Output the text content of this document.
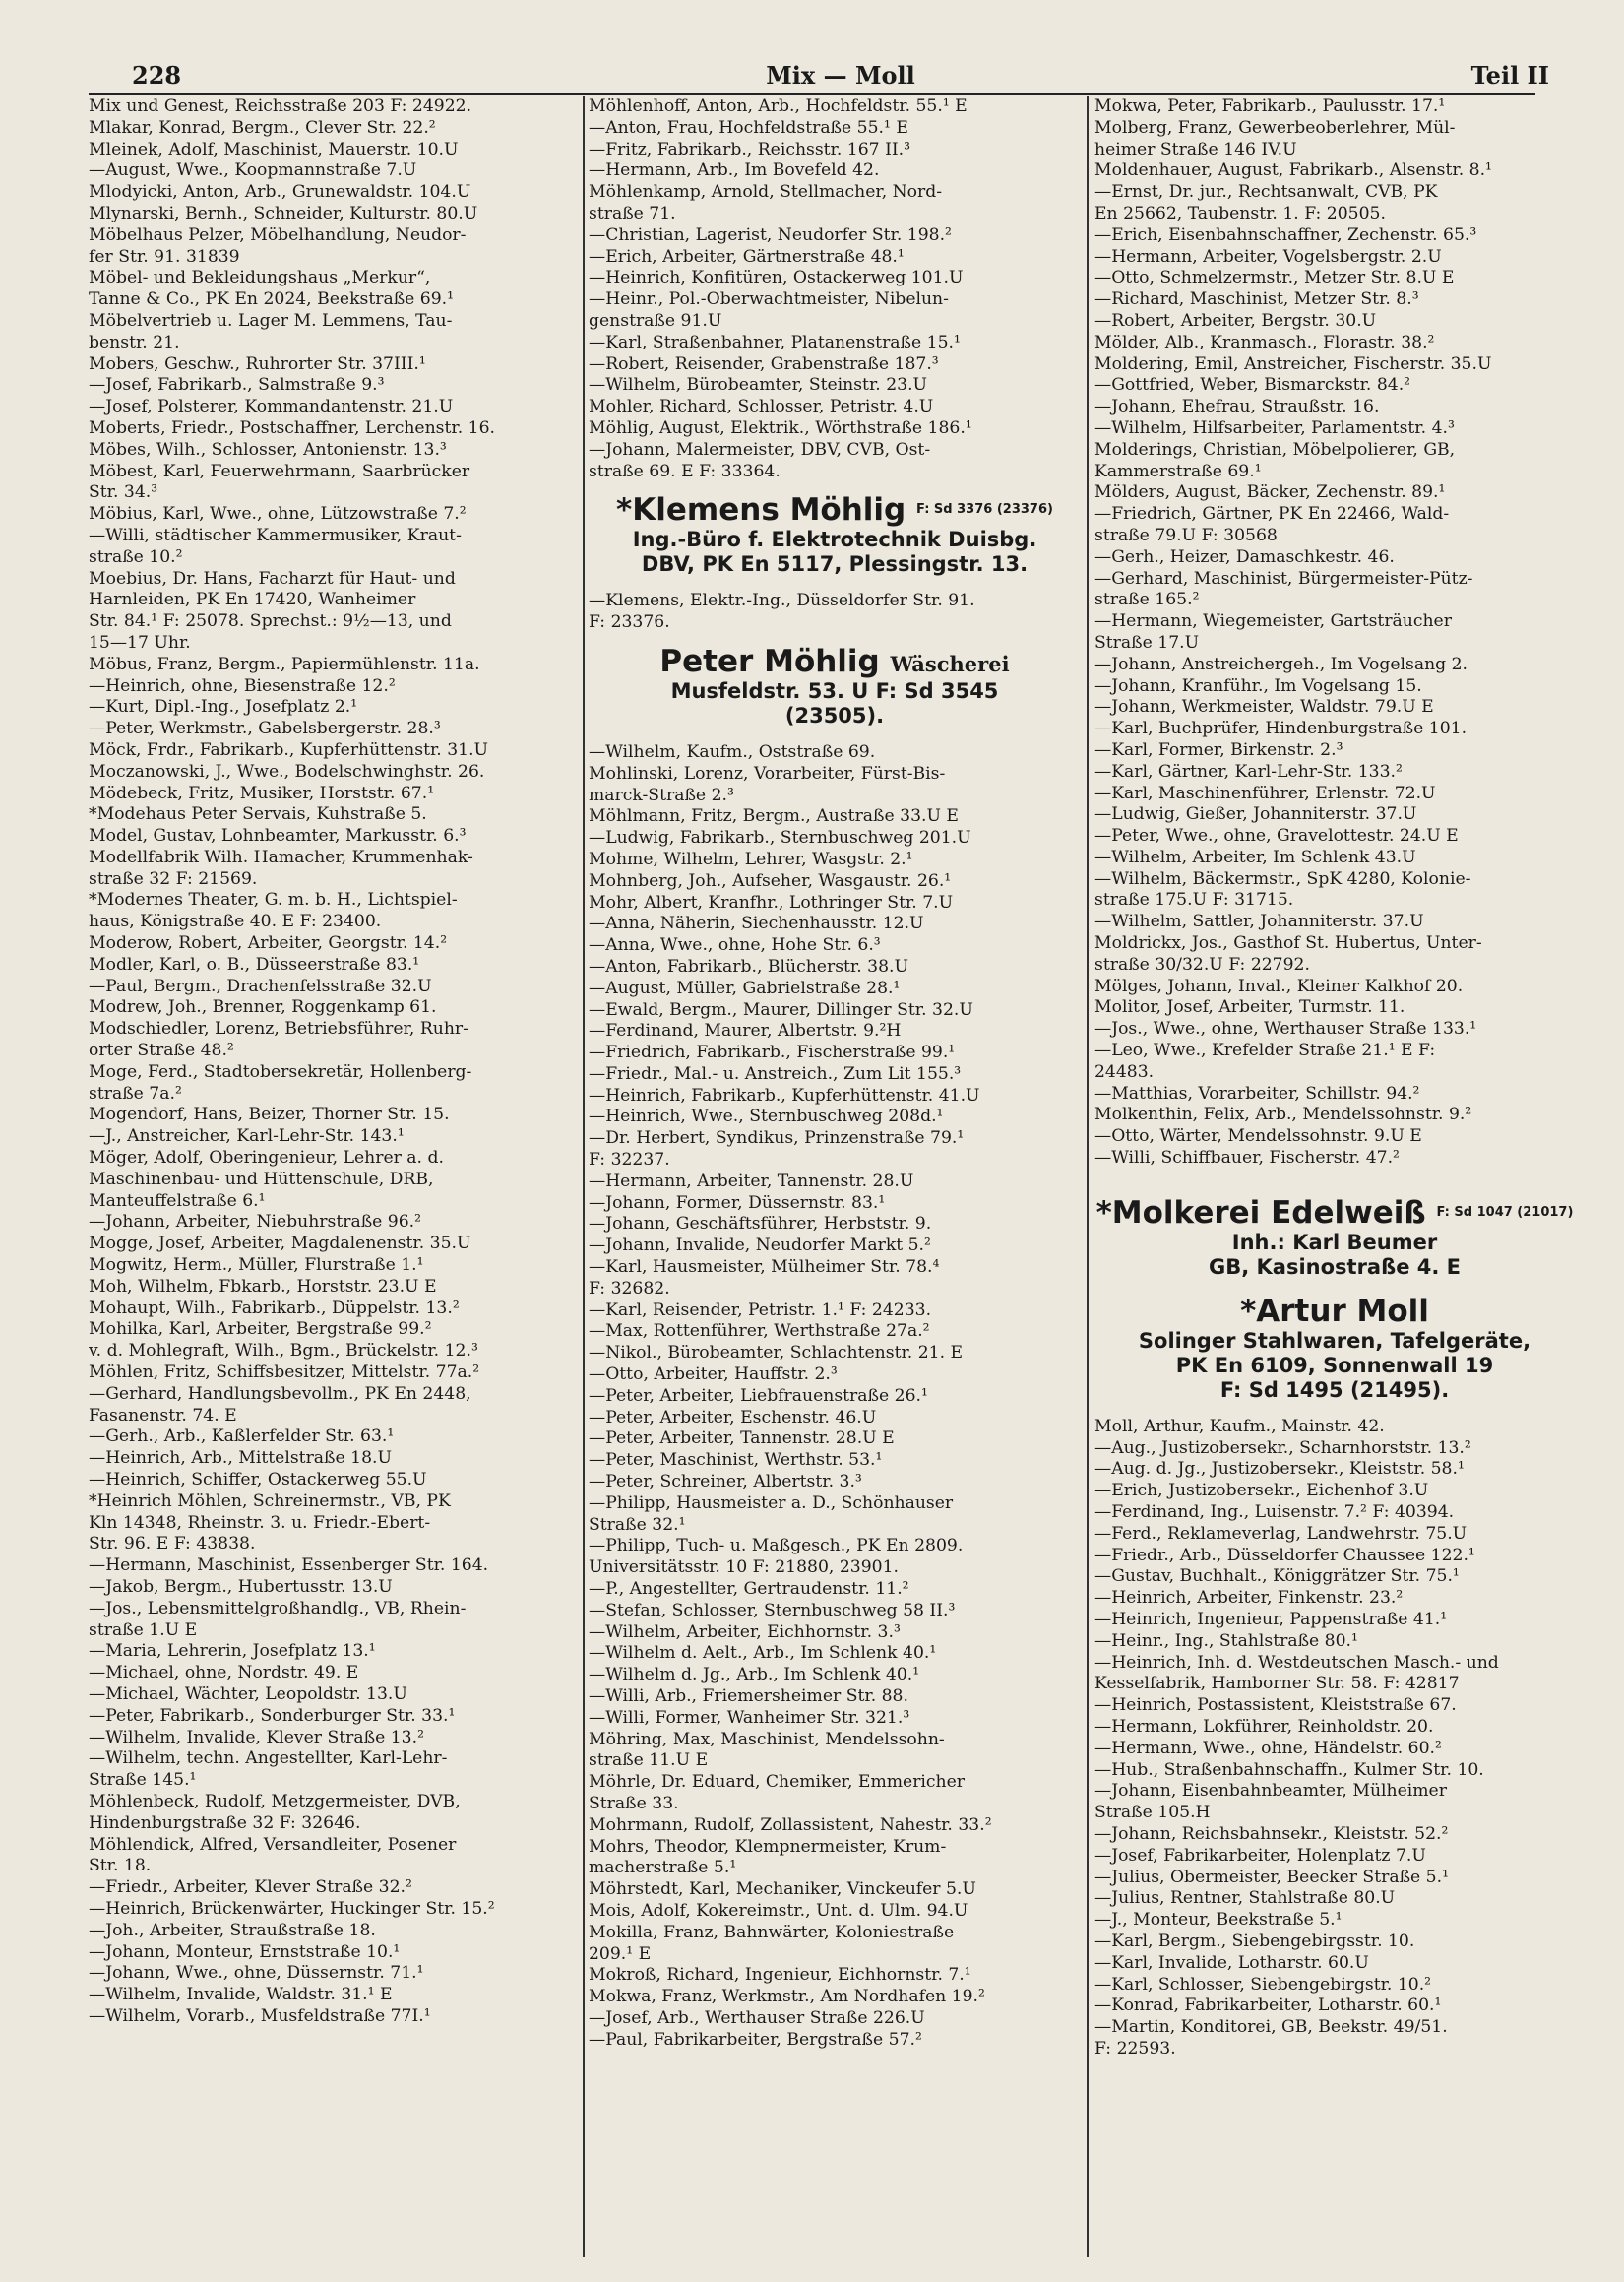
228	Mix — Moll	Teil II
Mix und Genest, Reichsstraße 203 F: 24922.
Mlakar, Konrad, Bergm., Clever Str. 22.²
Mleinek, Adolf, Maschinist, Mauerstr. 10.U
—August, Wwe., Koopmannstraße 7.U
Mlodyicki, Anton, Arb., Grunewaldstr. 104.U
Mlynarski, Bernh., Schneider, Kulturstr. 80.U
Möbelhaus Pelzer, Möbelhandlung, Neudor-
fer Str. 91. 31839
Möbel- und Bekleidungshaus „Merkur“,
Tanne & Co., PK En 2024, Beekstraße 69.¹
Möbelvertrieb u. Lager M. Lemmens, Tau-
benstr. 21.
Mobers, Geschw., Ruhrorter Str. 37III.¹
—Josef, Fabrikarb., Salmstraße 9.³
—Josef, Polsterer, Kommandantenstr. 21.U
Moberts, Friedr., Postschaffner, Lerchenstr. 16.
Möbes, Wilh., Schlosser, Antonienstr. 13.³
Möbest, Karl, Feuerwehrmann, Saarbrücker
Str. 34.³
Möbius, Karl, Wwe., ohne, Lützowstraße 7.²
—Willi, städtischer Kammermusiker, Kraut-
straße 10.²
Moebius, Dr. Hans, Facharzt für Haut- und
Harnleiden, PK En 17420, Wanheimer
Str. 84.¹ F: 25078. Sprechst.: 9½—13, und
15—17 Uhr.
Möbus, Franz, Bergm., Papiermühlenstr. 11a.
—Heinrich, ohne, Biesenstraße 12.²
—Kurt, Dipl.-Ing., Josefplatz 2.¹
—Peter, Werkmstr., Gabelsbergerstr. 28.³
Möck, Frdr., Fabrikarb., Kupferhüttenstr. 31.U
Moczanowski, J., Wwe., Bodelschwinghstr. 26.
Mödebeck, Fritz, Musiker, Horststr. 67.¹
*Modehaus Peter Servais, Kuhstraße 5.
Model, Gustav, Lohnbeamter, Markusstr. 6.³
Modellfabrik Wilh. Hamacher, Krummenhak-
straße 32 F: 21569.
*Modernes Theater, G. m. b. H., Lichtspiel-
haus, Königstraße 40. E F: 23400.
Moderow, Robert, Arbeiter, Georgstr. 14.²
Modler, Karl, o. B., Düsseerstraße 83.¹
—Paul, Bergm., Drachenfelsstraße 32.U
Modrew, Joh., Brenner, Roggenkamp 61.
Modschiedler, Lorenz, Betriebsführer, Ruhr-
orter Straße 48.²
Moge, Ferd., Stadtobersekretär, Hollenberg-
straße 7a.²
Mogendorf, Hans, Beizer, Thorner Str. 15.
—J., Anstreicher, Karl-Lehr-Str. 143.¹
Möger, Adolf, Oberingenieur, Lehrer a. d.
Maschinenbau- und Hüttenschule, DRB,
Manteuffelstraße 6.¹
—Johann, Arbeiter, Niebuhrstraße 96.²
Mogge, Josef, Arbeiter, Magdalenenstr. 35.U
Mogwitz, Herm., Müller, Flurstraße 1.¹
Moh, Wilhelm, Fbkarb., Horststr. 23.U E
Mohaupt, Wilh., Fabrikarb., Düppelstr. 13.²
Mohilka, Karl, Arbeiter, Bergstraße 99.²
v. d. Mohlegraft, Wilh., Bgm., Brückelstr. 12.³
Möhlen, Fritz, Schiffsbesitzer, Mittelstr. 77a.²
—Gerhard, Handlungsbevollm., PK En 2448,
Fasanenstr. 74. E
—Gerh., Arb., Kaßlerfelder Str. 63.¹
—Heinrich, Arb., Mittelstraße 18.U
—Heinrich, Schiffer, Ostackerweg 55.U
*Heinrich Möhlen, Schreinermstr., VB, PK
Kln 14348, Rheinstr. 3. u. Friedr.-Ebert-
Str. 96. E F: 43838.
—Hermann, Maschinist, Essenberger Str. 164.
—Jakob, Bergm., Hubertusstr. 13.U
—Jos., Lebensmittelgroßhandlg., VB, Rhein-
straße 1.U E
—Maria, Lehrerin, Josefplatz 13.¹
—Michael, ohne, Nordstr. 49. E
—Michael, Wächter, Leopoldstr. 13.U
—Peter, Fabrikarb., Sonderburger Str. 33.¹
—Wilhelm, Invalide, Klever Straße 13.²
—Wilhelm, techn. Angestellter, Karl-Lehr-
Straße 145.¹
Möhlenbeck, Rudolf, Metzgermeister, DVB,
Hindenburgstraße 32 F: 32646.
Möhlendick, Alfred, Versandleiter, Posener
Str. 18.
—Friedr., Arbeiter, Klever Straße 32.²
—Heinrich, Brückenwärter, Huckinger Str. 15.²
—Joh., Arbeiter, Straußstraße 18.
—Johann, Monteur, Ernststraße 10.¹
—Johann, Wwe., ohne, Düssernstr. 71.¹
—Wilhelm, Invalide, Waldstr. 31.¹ E
—Wilhelm, Vorarb., Musfeldstraße 77I.¹
Möhlenhoff, Anton, Arb., Hochfeldstr. 55.¹ E
—Anton, Frau, Hochfeldstraße 55.¹ E
—Fritz, Fabrikarb., Reichsstr. 167 II.³
—Hermann, Arb., Im Bovefeld 42.
Möhlenkamp, Arnold, Stellmacher, Nord-
straße 71.
—Christian, Lagerist, Neudorfer Str. 198.²
—Erich, Arbeiter, Gärtnerstraße 48.¹
—Heinrich, Konfitüren, Ostackerweg 101.U
—Heinr., Pol.-Oberwachtmeister, Nibelun-
genstraße 91.U
—Karl, Straßenbahner, Platanenstraße 15.¹
—Robert, Reisender, Grabenstraße 187.³
—Wilhelm, Bürobeamter, Steinstr. 23.U
Mohler, Richard, Schlosser, Petristr. 4.U
Möhlig, August, Elektrik., Wörthstraße 186.¹
—Johann, Malermeister, DBV, CVB, Ost-
straße 69. E F: 33364.
*Klemens Möhlig $^{F: Sd 3376 (23376)}$
Ing.-Büro f. Elektrotechnik Duisbg.
DBV, PK En 5117, Plessingstr. 13.
—Klemens, Elektr.-Ing., Düsseldorfer Str. 91.
F: 23376.
Peter Möhlig Wäscherei
Musfeldstr. 53. U F: Sd 3545
(23505).
—Wilhelm, Kaufm., Oststraße 69.
Mohlinski, Lorenz, Vorarbeiter, Fürst-Bis-
marck-Straße 2.³
Möhlmann, Fritz, Bergm., Austraße 33.U E
—Ludwig, Fabrikarb., Sternbuschweg 201.U
Mohme, Wilhelm, Lehrer, Wasgstr. 2.¹
Mohnberg, Joh., Aufseher, Wasgaustr. 26.¹
Mohr, Albert, Kranfhr., Lothringer Str. 7.U
—Anna, Näherin, Siechenhausstr. 12.U
—Anna, Wwe., ohne, Hohe Str. 6.³
—Anton, Fabrikarb., Blücherstr. 38.U
—August, Müller, Gabrielstraße 28.¹
—Ewald, Bergm., Maurer, Dillinger Str. 32.U
—Ferdinand, Maurer, Albertstr. 9.²H
—Friedrich, Fabrikarb., Fischerstraße 99.¹
—Friedr., Mal.- u. Anstreich., Zum Lit 155.³
—Heinrich, Fabrikarb., Kupferhüttenstr. 41.U
—Heinrich, Wwe., Sternbuschweg 208d.¹
—Dr. Herbert, Syndikus, Prinzenstraße 79.¹
F: 32237.
—Hermann, Arbeiter, Tannenstr. 28.U
—Johann, Former, Düssernstr. 83.¹
—Johann, Geschäftsführer, Herbststr. 9.
—Johann, Invalide, Neudorfer Markt 5.²
—Karl, Hausmeister, Mülheimer Str. 78.⁴
F: 32682.
—Karl, Reisender, Petristr. 1.¹ F: 24233.
—Max, Rottenführer, Werthstraße 27a.²
—Nikol., Bürobeamter, Schlachtenstr. 21. E
—Otto, Arbeiter, Hauffstr. 2.³
—Peter, Arbeiter, Liebfrauenstraße 26.¹
—Peter, Arbeiter, Eschenstr. 46.U
—Peter, Arbeiter, Tannenstr. 28.U E
—Peter, Maschinist, Werthstr. 53.¹
—Peter, Schreiner, Albertstr. 3.³
—Philipp, Hausmeister a. D., Schönhauser
Straße 32.¹
—Philipp, Tuch- u. Maßgesch., PK En 2809.
Universitätsstr. 10 F: 21880, 23901.
—P., Angestellter, Gertraudenstr. 11.²
—Stefan, Schlosser, Sternbuschweg 58 II.³
—Wilhelm, Arbeiter, Eichhornstr. 3.³
—Wilhelm d. Aelt., Arb., Im Schlenk 40.¹
—Wilhelm d. Jg., Arb., Im Schlenk 40.¹
—Willi, Arb., Friemersheimer Str. 88.
—Willi, Former, Wanheimer Str. 321.³
Möhring, Max, Maschinist, Mendelssohn-
straße 11.U E
Möhrle, Dr. Eduard, Chemiker, Emmericher
Straße 33.
Mohrmann, Rudolf, Zollassistent, Nahestr. 33.²
Mohrs, Theodor, Klempnermeister, Krum-
macherstraße 5.¹
Möhrstedt, Karl, Mechaniker, Vinckeufer 5.U
Mois, Adolf, Kokereimstr., Unt. d. Ulm. 94.U
Mokilla, Franz, Bahnwärter, Koloniestraße
209.¹ E
Mokroß, Richard, Ingenieur, Eichhornstr. 7.¹
Mokwa, Franz, Werkmstr., Am Nordhafen 19.²
—Josef, Arb., Werthauser Straße 226.U
—Paul, Fabrikarbeiter, Bergstraße 57.²
Mokwa, Peter, Fabrikarb., Paulusstr. 17.¹
Molberg, Franz, Gewerbeoberlehrer, Mül-
heimer Straße 146 IV.U
Moldenhauer, August, Fabrikarb., Alsenstr. 8.¹
—Ernst, Dr. jur., Rechtsanwalt, CVB, PK
En 25662, Taubenstr. 1. F: 20505.
—Erich, Eisenbahnschaffner, Zechenstr. 65.³
—Hermann, Arbeiter, Vogelsbergstr. 2.U
—Otto, Schmelzermstr., Metzer Str. 8.U E
—Richard, Maschinist, Metzer Str. 8.³
—Robert, Arbeiter, Bergstr. 30.U
Mölder, Alb., Kranmasch., Florastr. 38.²
Moldering, Emil, Anstreicher, Fischerstr. 35.U
—Gottfried, Weber, Bismarckstr. 84.²
—Johann, Ehefrau, Straußstr. 16.
—Wilhelm, Hilfsarbeiter, Parlamentstr. 4.³
Molderings, Christian, Möbelpolierer, GB,
Kammerstraße 69.¹
Mölders, August, Bäcker, Zechenstr. 89.¹
—Friedrich, Gärtner, PK En 22466, Wald-
straße 79.U F: 30568
—Gerh., Heizer, Damaschkestr. 46.
—Gerhard, Maschinist, Bürgermeister-Pütz-
straße 165.²
—Hermann, Wiegemeister, Gartsträucher
Straße 17.U
—Johann, Anstreichergeh., Im Vogelsang 2.
—Johann, Kranführ., Im Vogelsang 15.
—Johann, Werkmeister, Waldstr. 79.U E
—Karl, Buchprüfer, Hindenburgstraße 101.
—Karl, Former, Birkenstr. 2.³
—Karl, Gärtner, Karl-Lehr-Str. 133.²
—Karl, Maschinenführer, Erlenstr. 72.U
—Ludwig, Gießer, Johanniterstr. 37.U
—Peter, Wwe., ohne, Gravelottestr. 24.U E
—Wilhelm, Arbeiter, Im Schlenk 43.U
—Wilhelm, Bäckermstr., SpK 4280, Kolonie-
straße 175.U F: 31715.
—Wilhelm, Sattler, Johanniterstr. 37.U
Moldrickx, Jos., Gasthof St. Hubertus, Unter-
straße 30/32.U F: 22792.
Mölges, Johann, Inval., Kleiner Kalkhof 20.
Molitor, Josef, Arbeiter, Turmstr. 11.
—Jos., Wwe., ohne, Werthauser Straße 133.¹
—Leo, Wwe., Krefelder Straße 21.¹ E F:
24483.
—Matthias, Vorarbeiter, Schillstr. 94.²
Molkenthin, Felix, Arb., Mendelssohnstr. 9.²
—Otto, Wärter, Mendelssohnstr. 9.U E
—Willi, Schiffbauer, Fischerstr. 47.²
*Molkerei Edelweiß $^{F: Sd 1047 (21017)}$
Inh.: Karl Beumer
GB, Kasinostraße 4. E
*Artur Moll
Solinger Stahlwaren, Tafelgeräte,
PK En 6109, Sonnenwall 19
F: Sd 1495 (21495).
Moll, Arthur, Kaufm., Mainstr. 42.
—Aug., Justizobersekr., Scharnhorststr. 13.²
—Aug. d. Jg., Justizobersekr., Kleiststr. 58.¹
—Erich, Justizobersekr., Eichenhof 3.U
—Ferdinand, Ing., Luisenstr. 7.² F: 40394.
—Ferd., Reklameverlag, Landwehrstr. 75.U
—Friedr., Arb., Düsseldorfer Chaussee 122.¹
—Gustav, Buchhalt., Königgrätzer Str. 75.¹
—Heinrich, Arbeiter, Finkenstr. 23.²
—Heinrich, Ingenieur, Pappenstraße 41.¹
—Heinr., Ing., Stahlstraße 80.¹
—Heinrich, Inh. d. Westdeutschen Masch.- und
Kesselfabrik, Hamborner Str. 58. F: 42817
—Heinrich, Postassistent, Kleiststraße 67.
—Hermann, Lokführer, Reinholdstr. 20.
—Hermann, Wwe., ohne, Händelstr. 60.²
—Hub., Straßenbahnschaffn., Kulmer Str. 10.
—Johann, Eisenbahnbeamter, Mülheimer
Straße 105.H
—Johann, Reichsbahnsekr., Kleiststr. 52.²
—Josef, Fabrikarbeiter, Holenplatz 7.U
—Julius, Obermeister, Beecker Straße 5.¹
—Julius, Rentner, Stahlstraße 80.U
—J., Monteur, Beekstraße 5.¹
—Karl, Bergm., Siebengebirgsstr. 10.
—Karl, Invalide, Lotharstr. 60.U
—Karl, Schlosser, Siebengebirgstr. 10.²
—Konrad, Fabrikarbeiter, Lotharstr. 60.¹
—Martin, Konditorei, GB, Beekstr. 49/51.
F: 22593.
